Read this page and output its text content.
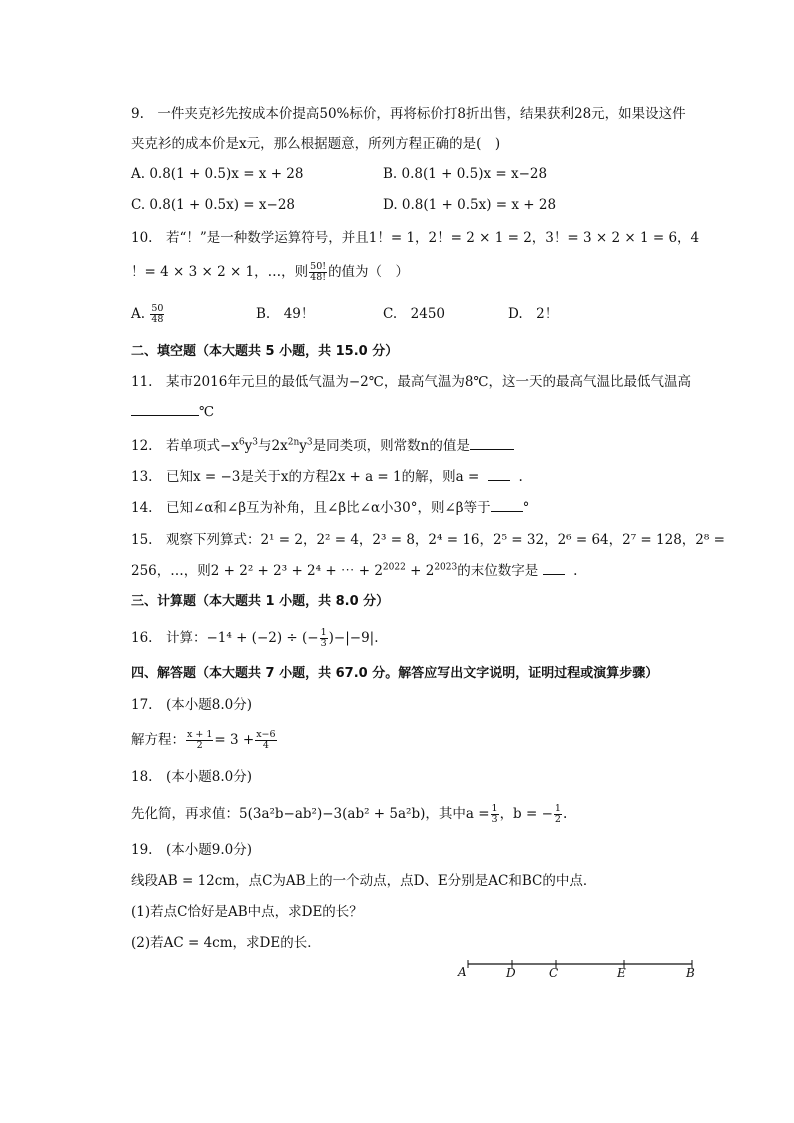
9.　一件夹克衫先按成本价提高50%标价，再将标价打8折出售，结果获利28元，如果设这件
夹克衫的成本价是x元，那么根据题意，所列方程正确的是(　)
A. 0.8(1 + 0.5)x = x + 28	B. 0.8(1 + 0.5)x = x−28
C. 0.8(1 + 0.5x) = x−28	D. 0.8(1 + 0.5x) = x + 28
10.　若“！”是一种数学运算符号，并且1！= 1，2！= 2 × 1 = 2，3！= 3 × 2 × 1 = 6，4
！= 4 × 3 × 2 × 1，…，则 $\frac{50!}{48!}$ 的值为（　）
A. $\frac{50}{48}$	B.　49！	C.　2450	D.　2！
二、填空题（本大题共 5 小题，共 15.0 分）
11.　某市2016年元旦的最低气温为−2℃，最高气温为8℃，这一天的最高气温比最低气温高
℃
12.　若单项式$-x^6y^3$与$2x^{2n}y^3$是同类项，则常数n的值是
13.　已知x = −3是关于x的方程2x + a = 1的解，则a =	.
14.　已知∠α和∠β互为补角，且∠β比∠α小30°，则∠β等于 °
15.　观察下列算式：2¹ = 2，2² = 4，2³ = 8，2⁴ = 16，2⁵ = 32，2⁶ = 64，2⁷ = 128，2⁸ =
256，…，则2 + 2² + 2³ + 2⁴ + ⋯ + $2^{2022} + 2^{2023}$的末位数字是	.
三、计算题（本大题共 1 小题，共 8.0 分）
16.　计算：−1⁴ + (−2) ÷ (− $\frac{1}{3} )-|-9|$.
四、解答题（本大题共 7 小题，共 67.0 分。解答应写出文字说明，证明过程或演算步骤）
17.　(本小题8.0分)
解方程： $\frac{x + 1}{2} = 3 + \frac{x-6}{4}$
18.　(本小题8.0分)
先化简，再求值：5(3a²b−ab²)−3(ab² + 5a²b)，其中$a = \frac{1}{3}$ ，b = − $\frac{1}{2}$ .
19.　(本小题9.0分)
线段AB = 12cm，点C为AB上的一个动点，点D、E分别是AC和BC的中点．
(1)若点C恰好是AB中点，求DE的长？
(2)若AC = 4cm，求DE的长．
A	D	C	E	B
